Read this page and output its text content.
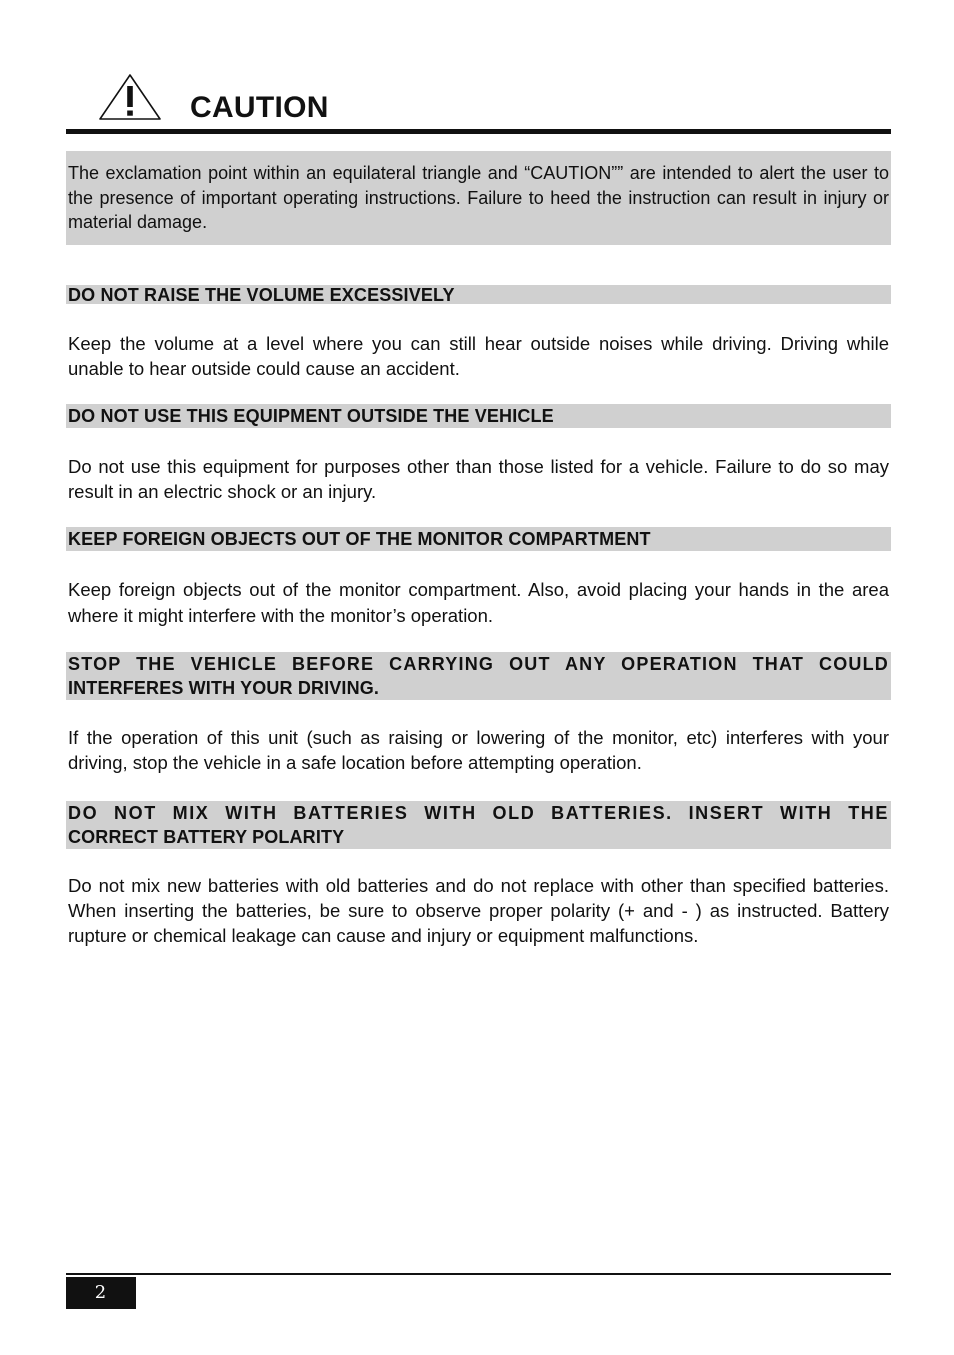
CAUTION

The exclamation point within an equilateral triangle and “CAUTION”” are intended to alert the user to the presence of important operating instructions. Failure to heed the instruction can result in injury or material damage.

DO NOT RAISE THE VOLUME EXCESSIVELY

Keep the volume at a level where you can still hear outside noises while driving. Driving while unable to hear outside could cause an accident.

DO NOT USE THIS EQUIPMENT OUTSIDE THE VEHICLE

Do not use this equipment for purposes other than those listed for a vehicle. Failure to do so may result in an electric shock or an injury.

KEEP FOREIGN OBJECTS OUT OF THE MONITOR COMPARTMENT

Keep foreign objects out of the monitor compartment. Also, avoid placing your hands in the area where it might interfere with the monitor’s operation.

STOP THE VEHICLE BEFORE CARRYING OUT ANY OPERATION THAT COULD
INTERFERES WITH YOUR DRIVING.

If the operation of this unit (such as raising or lowering of the monitor, etc) interferes with your driving, stop the vehicle in a safe location before attempting operation.

DO NOT MIX WITH BATTERIES WITH OLD BATTERIES. INSERT WITH THE
CORRECT BATTERY POLARITY

Do not mix new batteries with old batteries and do not replace with other than specified batteries. When inserting the batteries, be sure to observe proper polarity (+ and - ) as instructed. Battery rupture or chemical leakage can cause and injury or equipment malfunctions.

2
